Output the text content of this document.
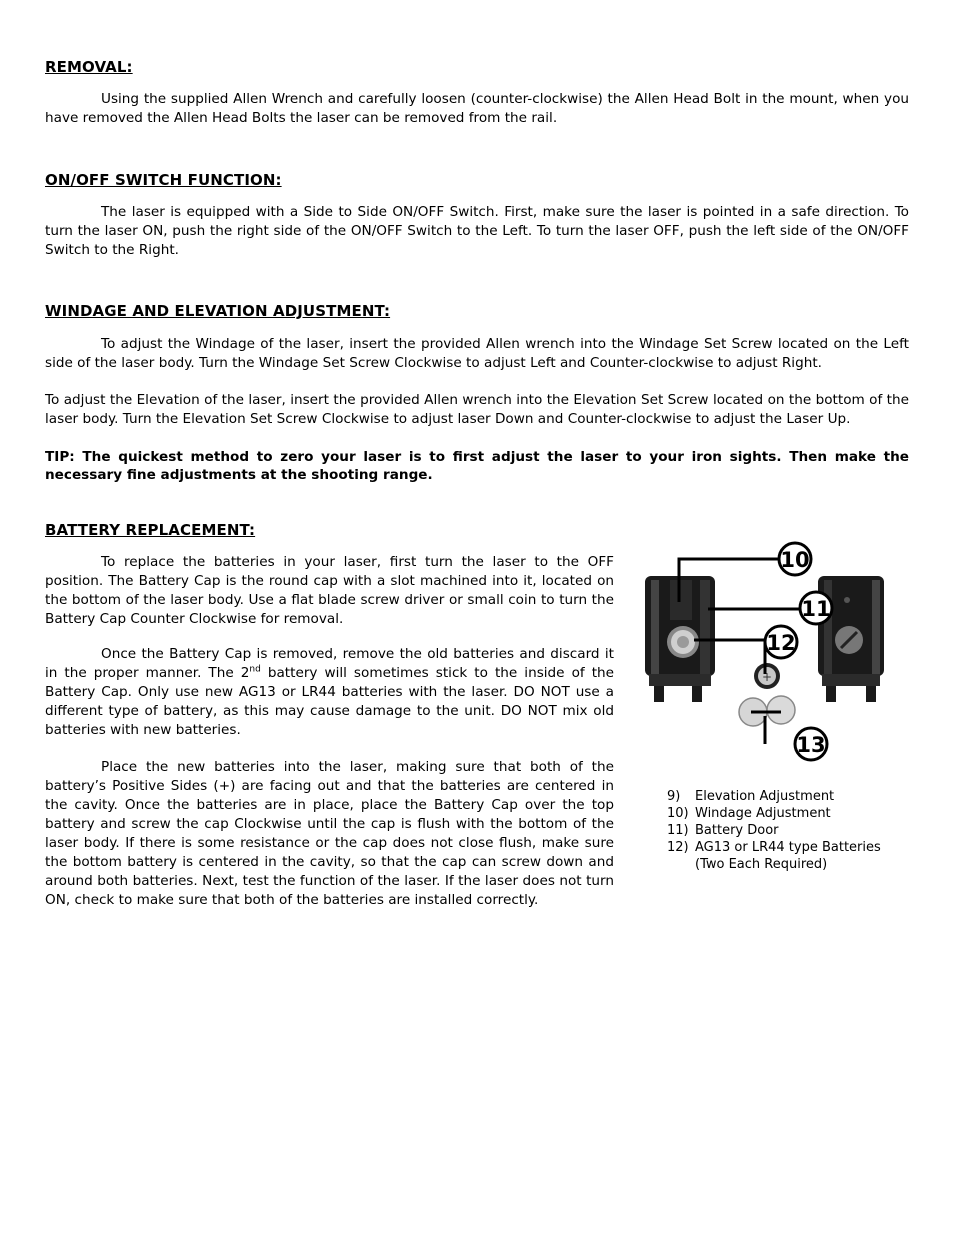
REMOVAL:

Using the supplied Allen Wrench and carefully loosen (counter-clockwise) the Allen Head Bolt in the mount, when you have removed the Allen Head Bolts the laser can be removed from the rail.

ON/OFF SWITCH FUNCTION:

The laser is equipped with a Side to Side ON/OFF Switch. First, make sure the laser is pointed in a safe direction. To turn the laser ON, push the right side of the ON/OFF Switch to the Left. To turn the laser OFF, push the left side of the ON/OFF Switch to the Right.

WINDAGE AND ELEVATION ADJUSTMENT:

To adjust the Windage of the laser, insert the provided Allen wrench into the Windage Set Screw located on the Left side of the laser body. Turn the Windage Set Screw Clockwise to adjust Left and Counter-clockwise to adjust Right.

To adjust the Elevation of the laser, insert the provided Allen wrench into the Elevation Set Screw located on the bottom of the laser body. Turn the Elevation Set Screw Clockwise to adjust laser Down and Counter-clockwise to adjust the Laser Up.

TIP: The quickest method to zero your laser is to first adjust the laser to your iron sights. Then make the necessary fine adjustments at the shooting range.

BATTERY REPLACEMENT:

To replace the batteries in your laser, first turn the laser to the OFF position. The Battery Cap is the round cap with a slot machined into it, located on the bottom of the laser body. Use a flat blade screw driver or small coin to turn the Battery Cap Counter Clockwise for removal.

Once the Battery Cap is removed, remove the old batteries and discard it in the proper manner. The 2nd battery will sometimes stick to the inside of the Battery Cap. Only use new AG13 or LR44 batteries with the laser. DO NOT use a different type of battery, as this may cause damage to the unit. DO NOT mix old batteries with new batteries.

Place the new batteries into the laser, making sure that both of the battery’s Positive Sides (+) are facing out and that the batteries are centered in the cavity. Once the batteries are in place, place the Battery Cap over the top battery and screw the cap Clockwise until the cap is flush with the bottom of the laser body. If there is some resistance or the cap does not close flush, make sure the bottom battery is centered in the cavity, so that the cap can screw down and around both batteries. Next, test the function of the laser. If the laser does not turn ON, check to make sure that both of the batteries are installed correctly.

+
10
11
12
13
9)	Elevation Adjustment
10) Windage Adjustment
11) Battery Door
12) AG13 or LR44 type Batteries
(Two Each Required)
